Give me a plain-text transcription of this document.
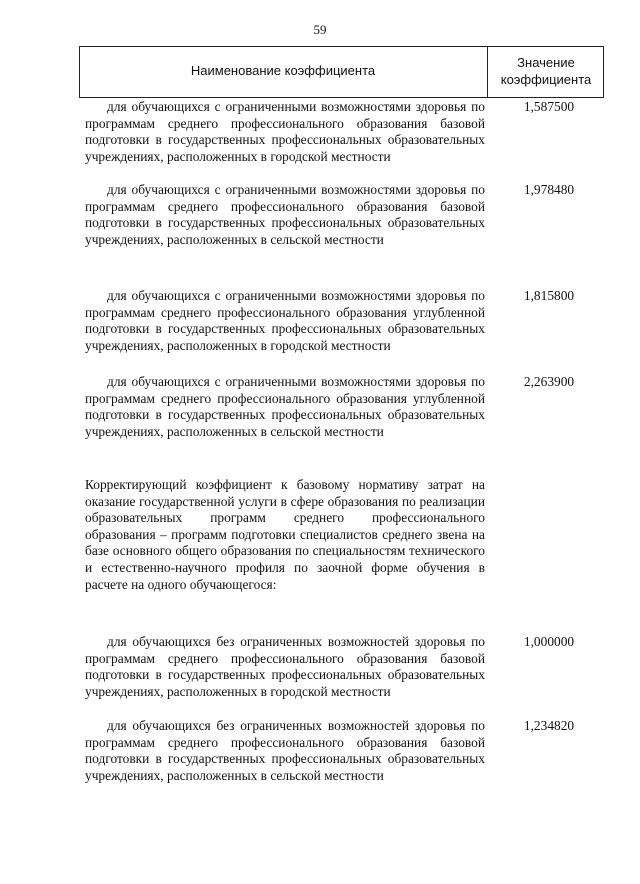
59
Наименование коэффициента
Значение
коэффициента
для обучающихся с ограниченными возможностями здоровья по программам среднего профессионального образования базовой подготовки в государственных профессиональных образовательных учреждениях, расположенных в городской местности
1,587500
для обучающихся с ограниченными возможностями здоровья по программам среднего профессионального образования базовой подготовки в государственных профессиональных образовательных учреждениях, расположенных в сельской местности
1,978480
для обучающихся с ограниченными возможностями здоровья по программам среднего профессионального образования углубленной подготовки в государственных профессиональных образовательных учреждениях, расположенных в городской местности
1,815800
для обучающихся с ограниченными возможностями здоровья по программам среднего профессионального образования углубленной подготовки в государственных профессиональных образовательных учреждениях, расположенных в сельской местности
2,263900
Корректирующий коэффициент к базовому нормативу затрат на оказание государственной услуги в сфере образования по реализации образовательных программ среднего профессионального образования – программ подготовки специалистов среднего звена на базе основного общего образования по специальностям технического и естественно-научного профиля по заочной форме обучения в расчете на одного обучающегося:
для обучающихся без ограниченных возможностей здоровья по программам среднего профессионального образования базовой подготовки в государственных профессиональных образовательных учреждениях, расположенных в городской местности
1,000000
для обучающихся без ограниченных возможностей здоровья по программам среднего профессионального образования базовой подготовки в государственных профессиональных образовательных учреждениях, расположенных в сельской местности
1,234820
